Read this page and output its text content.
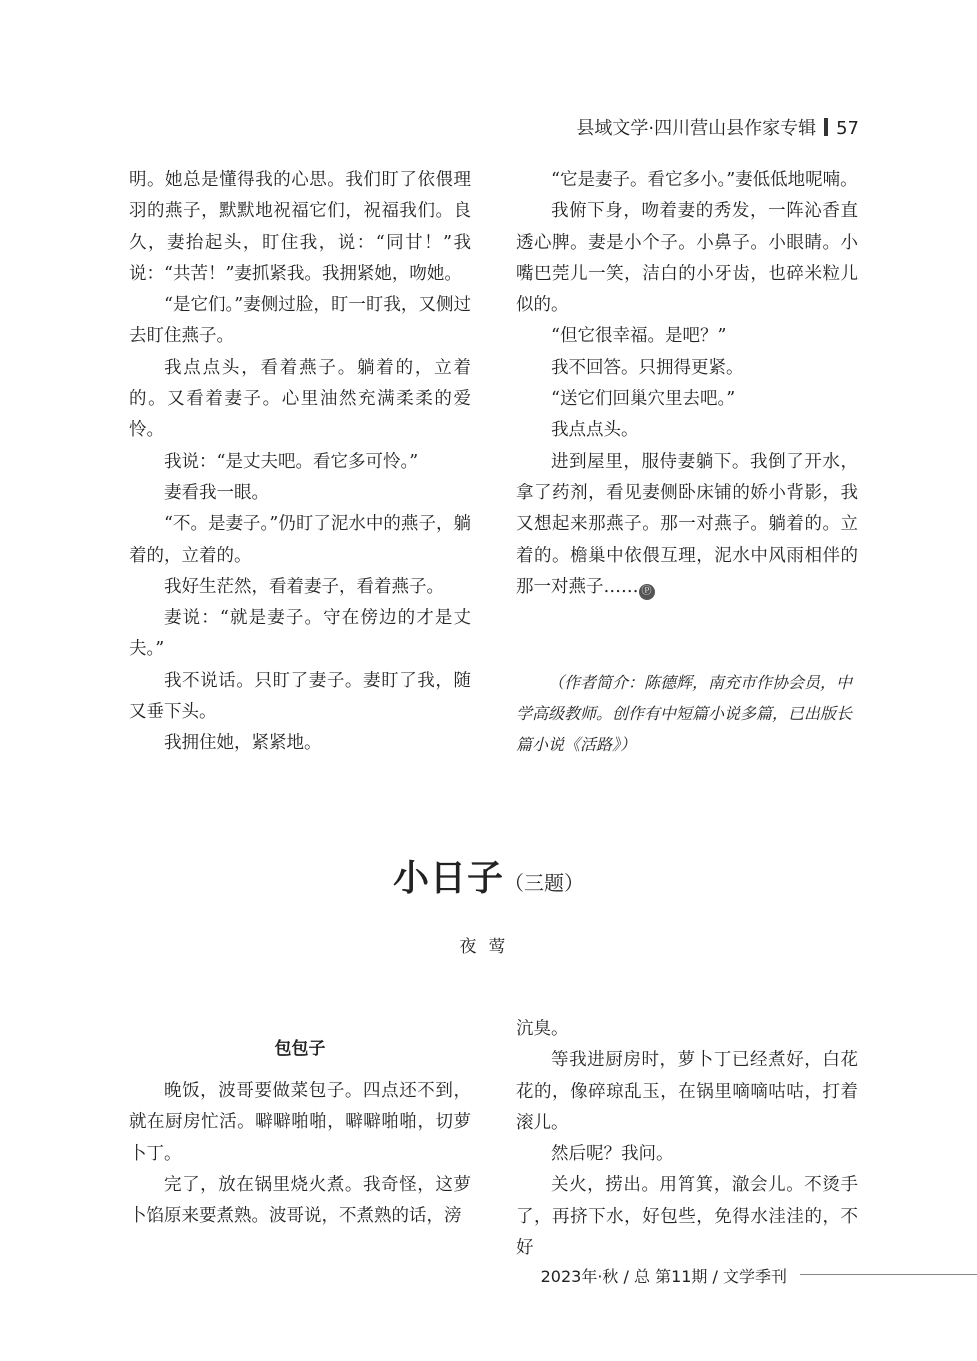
县域文学·四川营山县作家专辑 57

明。她总是懂得我的心思。我们盯了依偎理羽的燕子，默默地祝福它们，祝福我们。良久，妻抬起头，盯住我，说：“同甘！”我说：“共苦！”妻抓紧我。我拥紧她，吻她。

“是它们。”妻侧过脸，盯一盯我，又侧过去盯住燕子。

我点点头，看着燕子。躺着的，立着的。又看着妻子。心里油然充满柔柔的爱怜。

我说：“是丈夫吧。看它多可怜。”

妻看我一眼。

“不。是妻子。”仍盯了泥水中的燕子，躺着的，立着的。

我好生茫然，看着妻子，看着燕子。

妻说：“就是妻子。守在傍边的才是丈夫。”

我不说话。只盯了妻子。妻盯了我，随又垂下头。

我拥住她，紧紧地。

“它是妻子。看它多小。”妻低低地呢喃。

我俯下身，吻着妻的秀发，一阵沁香直透心脾。妻是小个子。小鼻子。小眼睛。小嘴巴莞儿一笑，洁白的小牙齿，也碎米粒儿似的。

“但它很幸福。是吧？”

我不回答。只拥得更紧。

“送它们回巢穴里去吧。”

我点点头。

进到屋里，服侍妻躺下。我倒了开水，拿了药剂，看见妻侧卧床铺的娇小背影，我又想起来那燕子。那一对燕子。躺着的。立着的。檐巢中依偎互理，泥水中风雨相伴的那一对燕子…… Ⓟ

（作者简介：陈德辉，南充市作协会员，中学高级教师。创作有中短篇小说多篇，已出版长篇小说《活路》）

小日子（三题）
夜莺
包包子

晚饭，波哥要做菜包子。四点还不到，就在厨房忙活。噼噼啪啪，噼噼啪啪，切萝卜丁。

完了，放在锅里烧火煮。我奇怪，这萝卜馅原来要煮熟。波哥说，不煮熟的话，滂

沆臭。

等我进厨房时，萝卜丁已经煮好，白花花的，像碎琼乱玉，在锅里嘀嘀咕咕，打着滚儿。

然后呢？我问。

关火，捞出。用筲箕，澈会儿。不烫手了，再挤下水，好包些，免得水洼洼的，不好

2023年·秋 / 总 第11期 / 文学季刊
